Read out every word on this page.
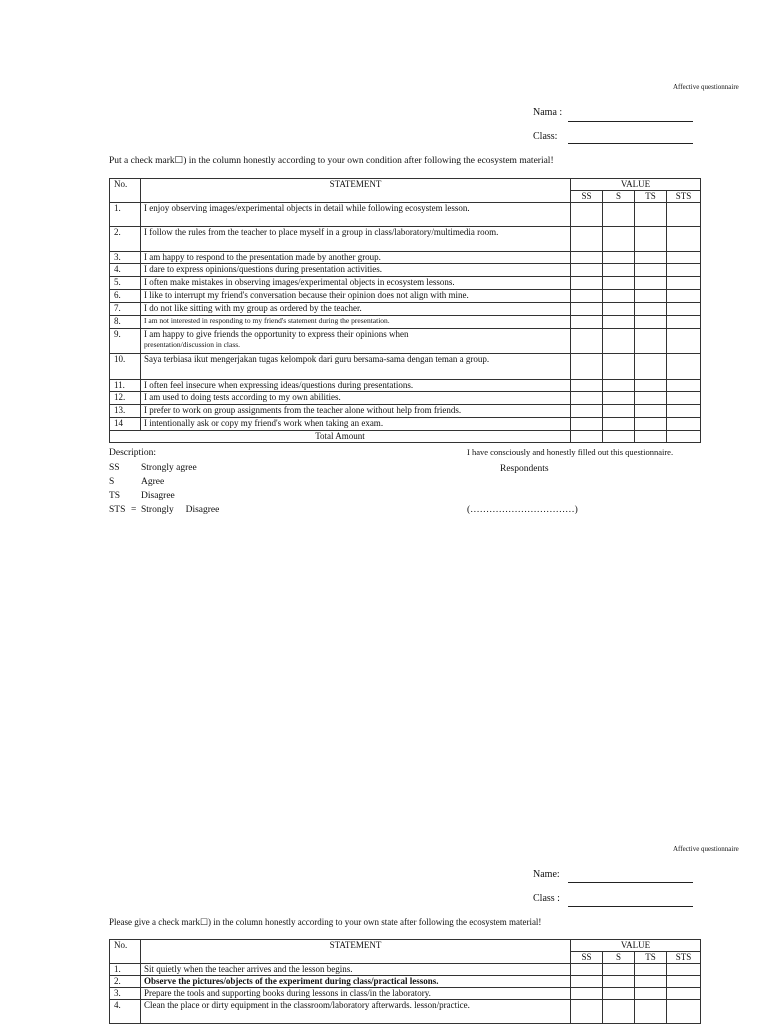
Affective questionnaire
Nama :
Class:
Put a check mark☐) in the column honestly according to your own condition after following the ecosystem material!
No.	STATEMENT	VALUE			
		SS	S	TS	STS
1.	I enjoy observing images/experimental objects in detail while following ecosystem lesson.				
2.	I follow the rules from the teacher to place myself in a group in class/laboratory/multimedia room.				
3.	I am happy to respond to the presentation made by another group.				
4.	I dare to express opinions/questions during presentation activities.				
5.	I often make mistakes in observing images/experimental objects in ecosystem lessons.				
6.	I like to interrupt my friend's conversation because their opinion does not align with mine.				
7.	I do not like sitting with my group as ordered by the teacher.				
8.	I am not interested in responding to my friend's statement during the presentation.				
9.	I am happy to give friends the opportunity to express their opinions when
presentation/discussion in class.				
10.	Saya terbiasa ikut mengerjakan tugas kelompok dari guru bersama-sama dengan teman a group.				
11.	I often feel insecure when expressing ideas/questions during presentations.				
12.	I am used to doing tests according to my own abilities.				
13.	I prefer to work on group assignments from the teacher alone without help from friends.				
14	I intentionally ask or copy my friend's work when taking an exam.				
Total Amount					
Description:	I have consciously and honestly filled out this questionnaire.
Respondents
SS Strongly agree
S	Agree
TS Disagree
STS = Strongly     Disagree	(……………………………)
Affective questionnaire
Name:
Class :
Please give a check mark☐) in the column honestly according to your own state after following the ecosystem material!
No.	STATEMENT	VALUE			
		SS	S	TS	STS
1.	Sit quietly when the teacher arrives and the lesson begins.				
2.	Observe the pictures/objects of the experiment during class/practical lessons.				
3.	Prepare the tools and supporting books during lessons in class/in the laboratory.				
4.	Clean the place or dirty equipment in the classroom/laboratory afterwards. lesson/practice.				
